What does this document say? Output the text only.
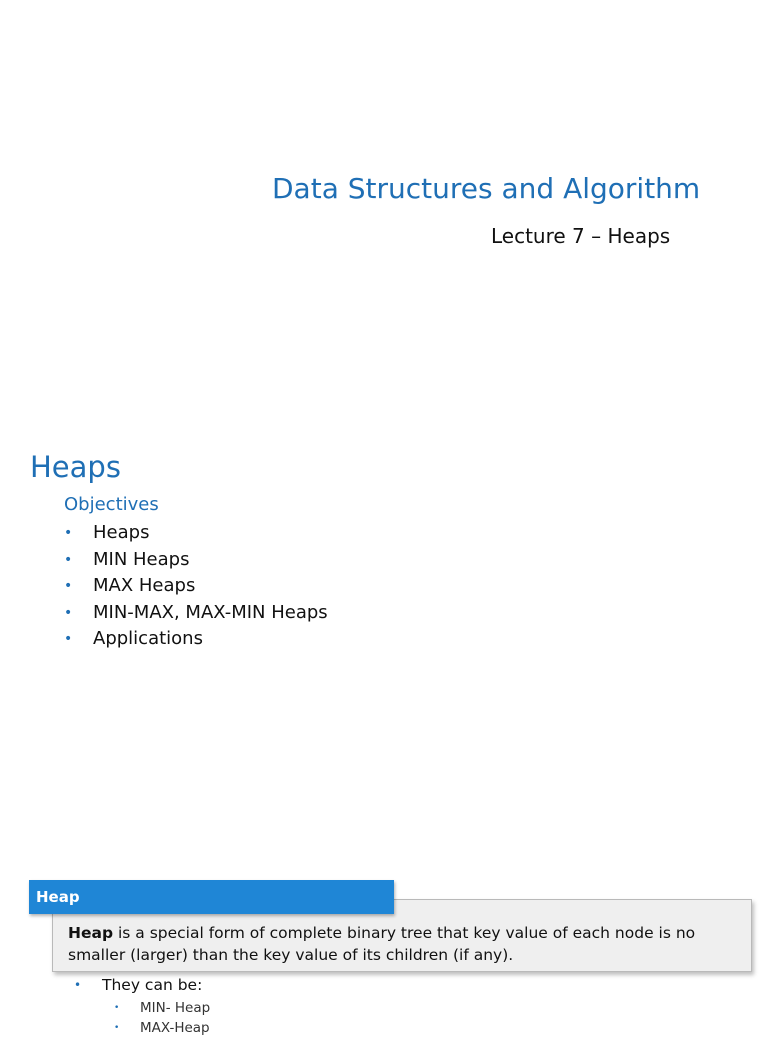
Data Structures and Algorithm
Lecture 7 – Heaps
Heaps
Objectives
•	Heaps
•	MIN Heaps
•	MAX Heaps
•	MIN-MAX, MAX-MIN Heaps
•	Applications
Heap
Heap is a special form of complete binary tree that key value of each node is no smaller (larger) than the key value of its children (if any).
•	They can be:
•	MIN- Heap
•	MAX-Heap
